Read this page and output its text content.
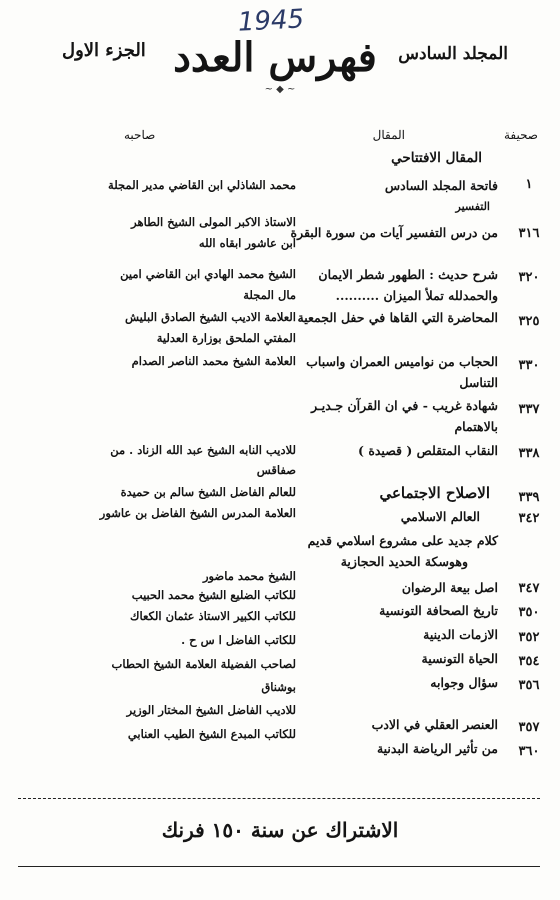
1945
فهرس العدد
~ ◆ ~
المجلد السادس
الجزء الاول
صحيفة
المقال
صاحبه
المقال الافتتاحي
١
فاتحة المجلد السادس
محمد الشاذلي ابن القاضي مدير المجلة
التفسير
٣١٦
من درس التفسير آيات من سورة البقرة
الاستاذ الاكبر المولى الشيخ الطاهر
ابن عاشور ابقاه الله
٣٢٠
شرح حديث : الطهور شطر الايمان
والحمدلله تملأ الميزان ..........
الشيخ محمد الهادي ابن القاضي امين
مال المجلة
٣٢٥
المحاضرة التي القاها في حفل الجمعية
العلامة الاديب الشيخ الصادق البليش
المفتي الملحق بوزارة العدلية
٣٣٠
الحجاب من نواميس العمران واسباب
التناسل
العلامة الشيخ محمد الناصر الصدام
٣٣٧
شهادة غريب - في ان القرآن جـديـر
بالاهتمام
٣٣٨
النقاب المتقلص ( قصيدة )
للاديب النابه الشيخ عبد الله الزناد . من
صفاقس
٣٣٩
الاصلاح الاجتماعي
للعالم الفاضل الشيخ سالم بن حميدة
٣٤٢
العالم الاسلامي
العلامة المدرس الشيخ الفاضل بن عاشور
كلام جديد على مشروع اسلامي قديم
وهوسكة الحديد الحجازية
الشيخ محمد ماضور
٣٤٧
اصل بيعة الرضوان
للكاتب الضليع الشيخ محمد الحبيب
٣٥٠
تاريخ الصحافة التونسية
للكاتب الكبير الاستاذ عثمان الكعاك
٣٥٢
الازمات الدينية
للكاتب الفاضل ا س ح .
٣٥٤
الحياة التونسية
لصاحب الفضيلة العلامة الشيخ الحطاب
٣٥٦
سؤال وجوابه
بوشناق
للاديب الفاضل الشيخ المختار الوزير
٣٥٧
العنصر العقلي في الادب
للكاتب المبدع الشيخ الطيب العنابي
٣٦٠
من تأثير الرياضة البدنية
الاشتراك عن سنة ١٥٠ فرنك
